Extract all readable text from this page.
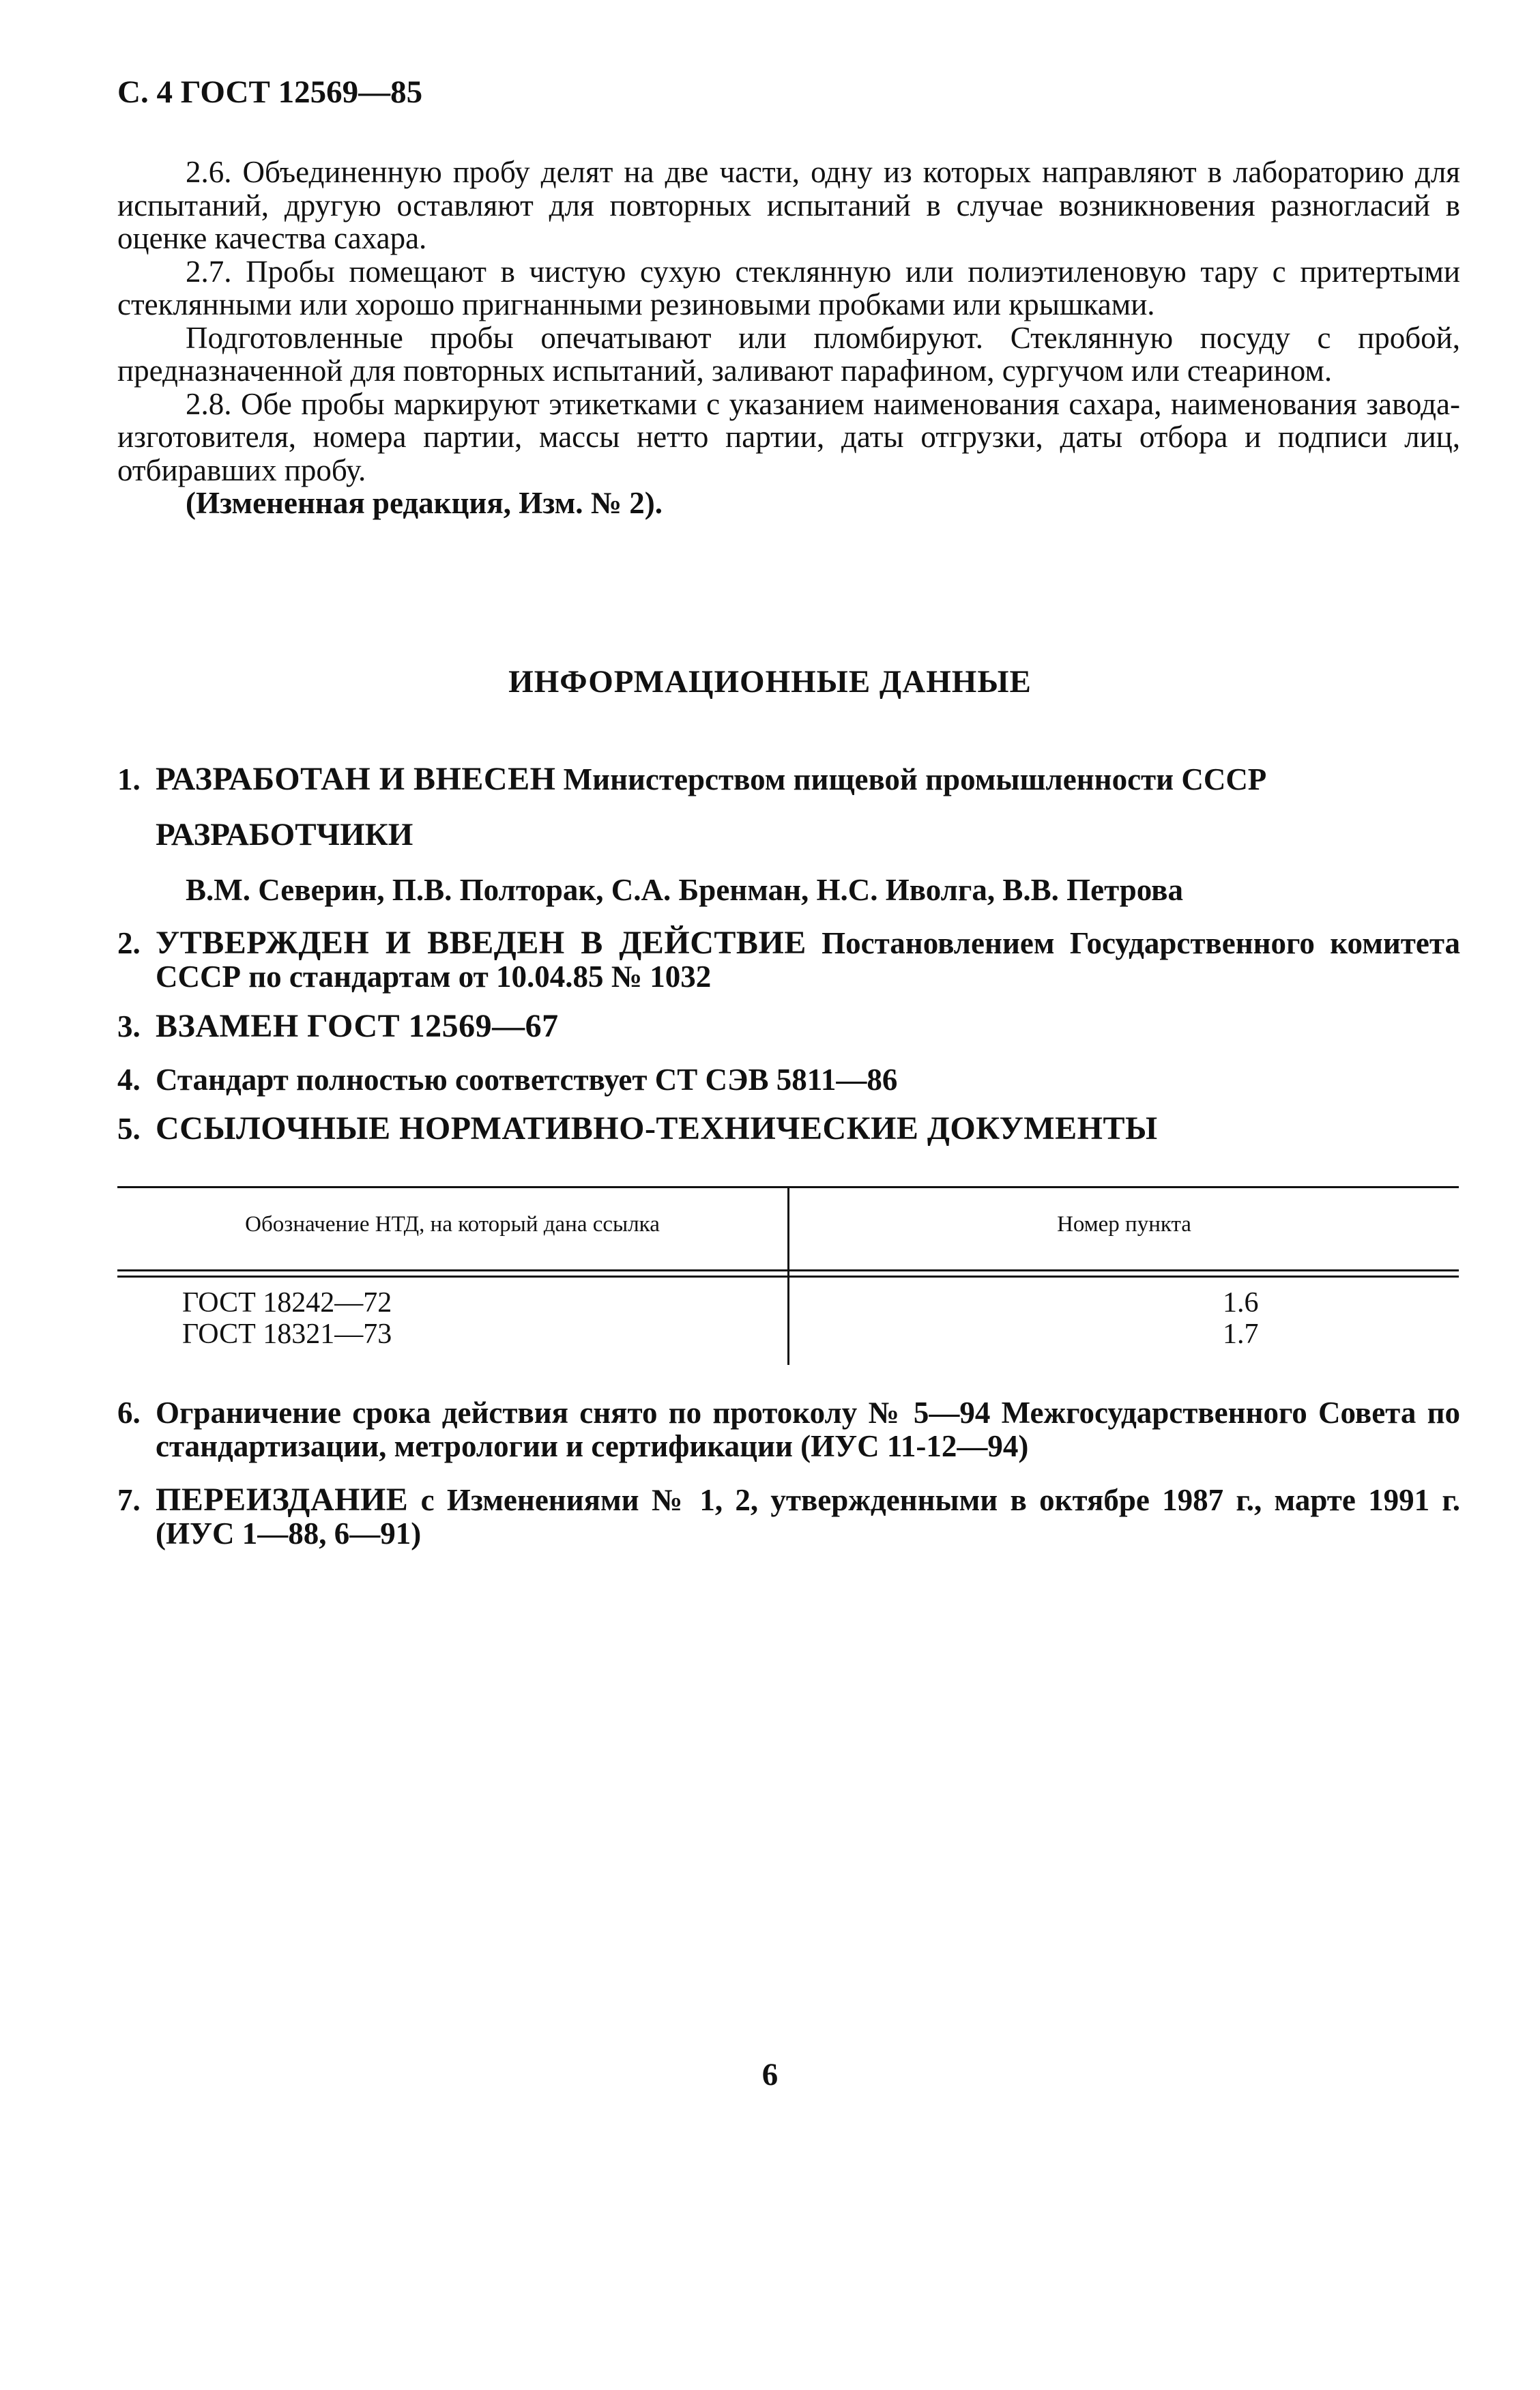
С. 4 ГОСТ 12569—85

2.6. Объединенную пробу делят на две части, одну из которых направляют в лабораторию для испытаний, другую оставляют для повторных испытаний в случае возникновения разногласий в оценке качества сахара.

2.7. Пробы помещают в чистую сухую стеклянную или полиэтиленовую тару с притертыми стеклянными или хорошо пригнанными резиновыми пробками или крышками.

Подготовленные пробы опечатывают или пломбируют. Стеклянную посуду с пробой, предназначенной для повторных испытаний, заливают парафином, сургучом или стеарином.

2.8. Обе пробы маркируют этикетками с указанием наименования сахара, наименования завода-изготовителя, номера партии, массы нетто партии, даты отгрузки, даты отбора и подписи лиц, отбиравших пробу.

(Измененная редакция, Изм. № 2).

ИНФОРМАЦИОННЫЕ ДАННЫЕ
1. РАЗРАБОТАН И ВНЕСЕН Министерством пищевой промышленности СССР
РАЗРАБОТЧИКИ
В.М. Северин, П.В. Полторак, С.А. Бренман, Н.С. Иволга, В.В. Петрова
2. УТВЕРЖДЕН И ВВЕДЕН В ДЕЙСТВИЕ Постановлением Государственного комитета СССР по стандартам от 10.04.85 № 1032
3. ВЗАМЕН ГОСТ 12569—67
4. Стандарт полностью соответствует СТ СЭВ 5811—86
5. ССЫЛОЧНЫЕ НОРМАТИВНО-ТЕХНИЧЕСКИЕ ДОКУМЕНТЫ
Обозначение НТД, на который дана ссылка	Номер пункта
ГОСТ 18242—72	1.6
ГОСТ 18321—73	1.7
6. Ограничение срока действия снято по протоколу № 5—94 Межгосударственного Совета по стандартизации, метрологии и сертификации (ИУС 11-12—94)
7. ПЕРЕИЗДАНИЕ с Изменениями № 1, 2, утвержденными в октябре 1987 г., марте 1991 г. (ИУС 1—88, 6—91)
6
